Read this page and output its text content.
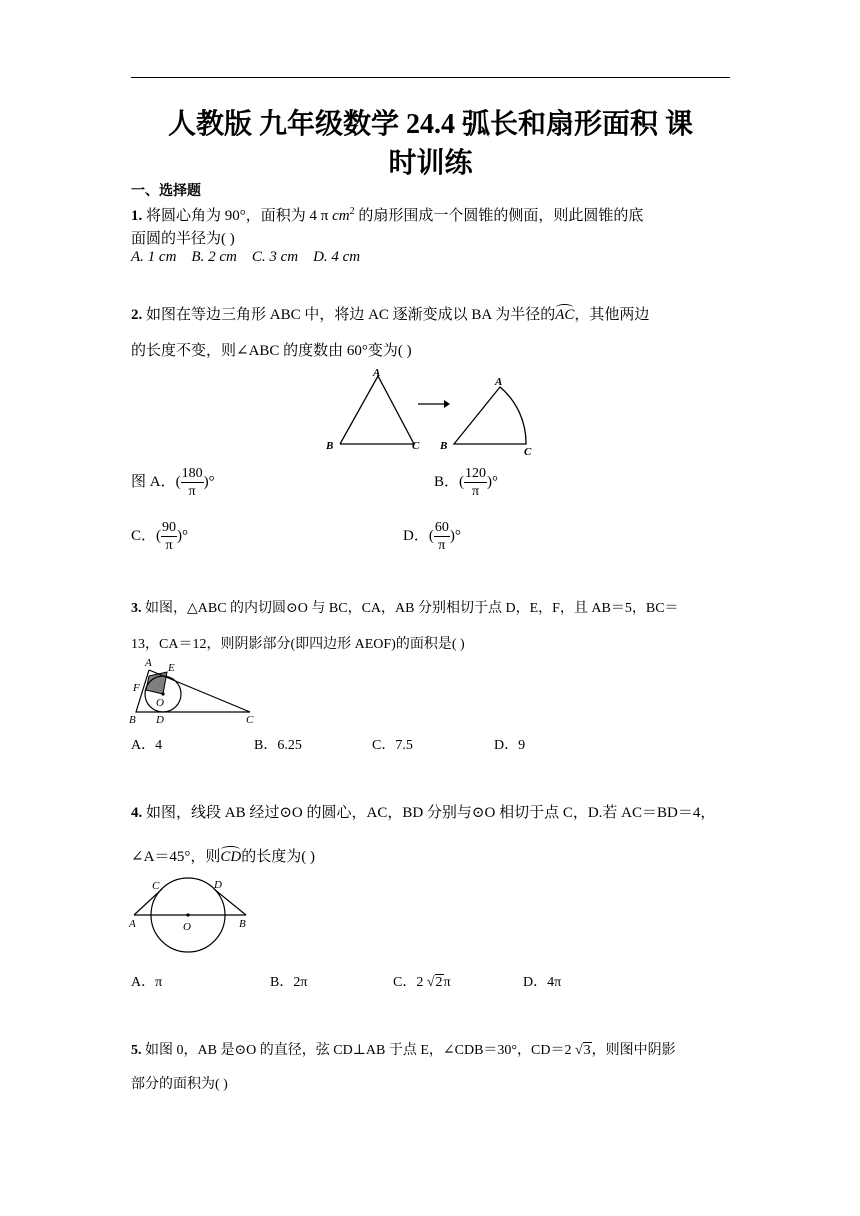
人教版 九年级数学 24.4 弧长和扇形面积 课
时训练
一、选择题
1. 将圆心角为 90°，面积为 4 π $cm^2$ 的扇形围成一个圆锥的侧面，则此圆锥的底
面圆的半径为( )
A. 1 cm B. 2 cm C. 3 cm D. 4 cm
2. 如图在等边三角形 ABC 中，将边 AC 逐渐变成以 BA 为半径的AC，其他两边
的长度不变，则∠ABC 的度数由 60°变为( )
A
B	C
A
B	C
图 A．( $\frac{180}{\pi}$ )°	B．( $\frac{120}{\pi}$ )°
C．( $\frac{90}{\pi}$ )°	D．( $\frac{60}{\pi}$ )°
3. 如图，△ABC 的内切圆⊙O 与 BC，CA，AB 分别相切于点 D，E，F，且 AB＝5，BC＝
13，CA＝12，则阴影部分(即四边形 AEOF)的面积是( )
A E
F
O
B D	C
A．4	B．6.25	C．7.5	D．9
4. 如图，线段 AB 经过⊙O 的圆心，AC，BD 分别与⊙O 相切于点 C，D.若 AC＝BD＝4，
∠A＝45°，则CD的长度为( )
C	D
A	O	B
A．π	B．2π	C．2 √2π	D．4π
5. 如图 0，AB 是⊙O 的直径，弦 CD⊥AB 于点 E，∠CDB＝30°，CD＝2 √3，则图中阴影
部分的面积为( )
